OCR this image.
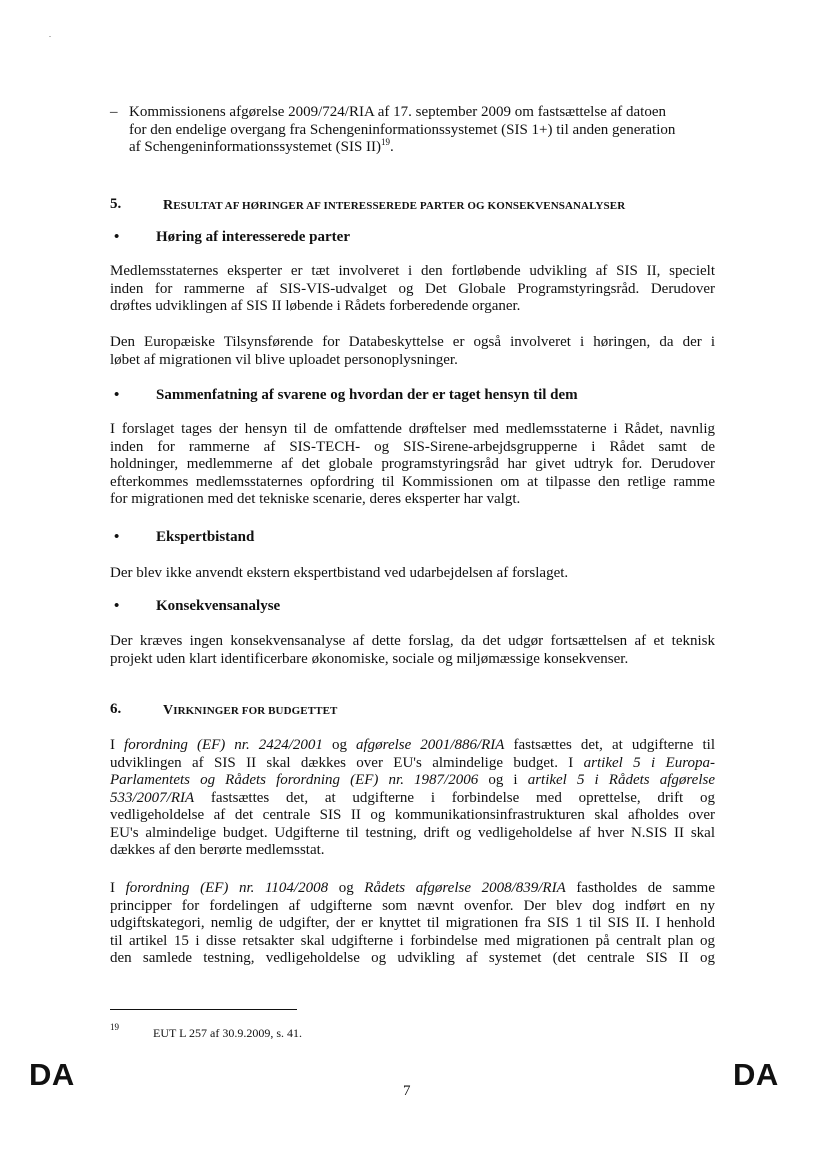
– Kommissionens afgørelse 2009/724/RIA af 17. september 2009 om fastsættelse af datoen
for den endelige overgang fra Schengeninformationssystemet (SIS 1+) til anden generation
af Schengeninformationssystemet (SIS II)$^{19}$.
5.	RESULTAT AF HØRINGER AF INTERESSEREDE PARTER OG KONSEKVENSANALYSER
• Høring af interesserede parter
Medlemsstaternes eksperter er tæt involveret i den fortløbende udvikling af SIS II, specielt
inden for rammerne af SIS-VIS-udvalget og Det Globale Programstyringsråd. Derudover
drøftes udviklingen af SIS II løbende i Rådets forberedende organer.
Den Europæiske Tilsynsførende for Databeskyttelse er også involveret i høringen, da der i
løbet af migrationen vil blive uploadet personoplysninger.
• Sammenfatning af svarene og hvordan der er taget hensyn til dem
I forslaget tages der hensyn til de omfattende drøftelser med medlemsstaterne i Rådet, navnlig
inden for rammerne af SIS-TECH- og SIS-Sirene-arbejdsgrupperne i Rådet samt de
holdninger, medlemmerne af det globale programstyringsråd har givet udtryk for. Derudover
efterkommes medlemsstaternes opfordring til Kommissionen om at tilpasse den retlige ramme
for migrationen med det tekniske scenarie, deres eksperter har valgt.
• Ekspertbistand
Der blev ikke anvendt ekstern ekspertbistand ved udarbejdelsen af forslaget.
• Konsekvensanalyse
Der kræves ingen konsekvensanalyse af dette forslag, da det udgør fortsættelsen af et teknisk
projekt uden klart identificerbare økonomiske, sociale og miljømæssige konsekvenser.
6.	VIRKNINGER FOR BUDGETTET
I forordning (EF) nr. 2424/2001 og afgørelse 2001/886/RIA fastsættes det, at udgifterne til
udviklingen af SIS II skal dækkes over EU's almindelige budget. I artikel 5 i Europa-
Parlamentets og Rådets forordning (EF) nr. 1987/2006 og i artikel 5 i Rådets afgørelse
533/2007/RIA fastsættes det, at udgifterne i forbindelse med oprettelse, drift og
vedligeholdelse af det centrale SIS II og kommunikationsinfrastrukturen skal afholdes over
EU's almindelige budget. Udgifterne til testning, drift og vedligeholdelse af hver N.SIS II skal
dækkes af den berørte medlemsstat.
I forordning (EF) nr. 1104/2008 og Rådets afgørelse 2008/839/RIA fastholdes de samme
principper for fordelingen af udgifterne som nævnt ovenfor. Der blev dog indført en ny
udgiftskategori, nemlig de udgifter, der er knyttet til migrationen fra SIS 1 til SIS II. I henhold
til artikel 15 i disse retsakter skal udgifterne i forbindelse med migrationen på centralt plan og
den samlede testning, vedligeholdelse og udvikling af systemet (det centrale SIS II og
19	EUT L 257 af 30.9.2009, s. 41.
DA	7	DA
